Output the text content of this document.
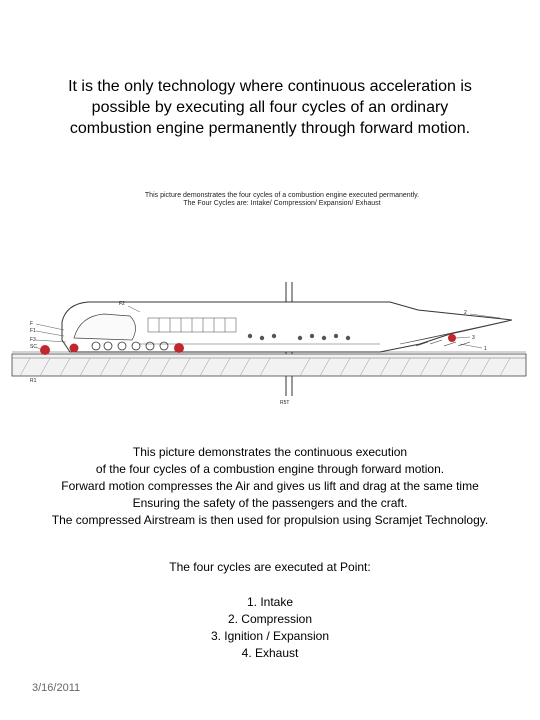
It is the only technology where continuous acceleration is
possible by executing all four cycles of an ordinary
combustion engine permanently through forward motion.

This picture demonstrates the four cycles of a combustion engine executed permanently.
The Four Cycles are: Intake/ Compression/ Expansion/ Exhaust
F2
F
F1
F3
SC
R1
2
3
1
R5T
This picture demonstrates the continuous execution
of the four cycles of a combustion engine through forward motion.
Forward motion compresses the Air and gives us lift and drag at the same time
Ensuring the safety of the passengers and the craft.
The compressed Airstream is then used for propulsion using Scramjet Technology.
The four cycles are executed at Point:
1. Intake
2. Compression
3. Ignition / Expansion
4. Exhaust
3/16/2011
